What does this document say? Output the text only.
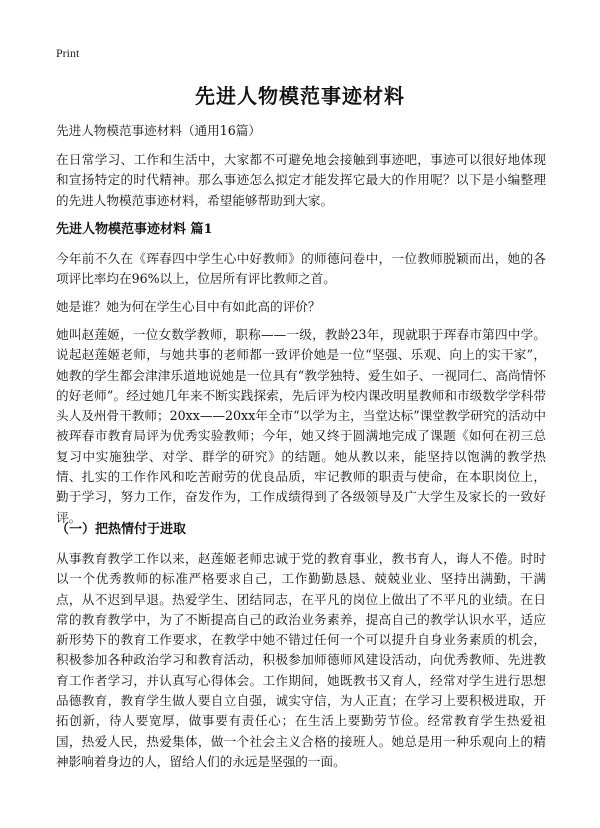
Print
先进人物模范事迹材料

先进人物模范事迹材料（通用16篇）

在日常学习、工作和生活中，大家都不可避免地会接触到事迹吧，事迹可以很好地体现和宣扬特定的时代精神。那么事迹怎么拟定才能发挥它最大的作用呢？以下是小编整理的先进人物模范事迹材料，希望能够帮助到大家。

先进人物模范事迹材料 篇1

今年前不久在《珲春四中学生心中好教师》的师德问卷中，一位教师脱颖而出，她的各项评比率均在96%以上，位居所有评比教师之首。

她是谁？她为何在学生心目中有如此高的评价？

她叫赵莲姬，一位女数学教师，职称——一级，教龄23年，现就职于珲春市第四中学。说起赵莲姬老师，与她共事的老师都一致评价她是一位“坚强、乐观、向上的实干家”，她教的学生都会津津乐道地说她是一位具有“教学独特、爱生如子、一视同仁、高尚情怀的好老师”。经过她几年来不断实践探索，先后评为校内课改明星教师和市级数学学科带头人及州骨干教师；20xx——20xx年全市“以学为主，当堂达标”课堂教学研究的活动中被珲春市教育局评为优秀实验教师；今年，她又终于圆满地完成了课题《如何在初三总复习中实施独学、对学、群学的研究》的结题。她从教以来，能坚持以饱满的教学热情、扎实的工作作风和吃苦耐劳的优良品质，牢记教师的职责与使命，在本职岗位上，勤于学习，努力工作，奋发作为，工作成绩得到了各级领导及广大学生及家长的一致好评。

（一）把热情付于进取

从事教育教学工作以来，赵莲姬老师忠诚于党的教育事业，教书育人，诲人不倦。时时以一个优秀教师的标准严格要求自己，工作勤勤恳恳、兢兢业业、坚持出满勤，干满点，从不迟到早退。热爱学生、团结同志，在平凡的岗位上做出了不平凡的业绩。在日常的教育教学中，为了不断提高自己的政治业务素养，提高自己的教学认识水平，适应新形势下的教育工作要求，在教学中她不错过任何一个可以提升自身业务素质的机会，积极参加各种政治学习和教育活动，积极参加师德师风建设活动，向优秀教师、先进教育工作者学习，并认真写心得体会。工作期间，她既教书又育人，经常对学生进行思想品德教育，教育学生做人要自立自强，诚实守信，为人正直；在学习上要积极进取，开拓创新，待人要宽厚，做事要有责任心；在生活上要勤劳节俭。经常教育学生热爱祖国，热爱人民，热爱集体，做一个社会主义合格的接班人。她总是用一种乐观向上的精神影响着身边的人，留给人们的永远是坚强的一面。
